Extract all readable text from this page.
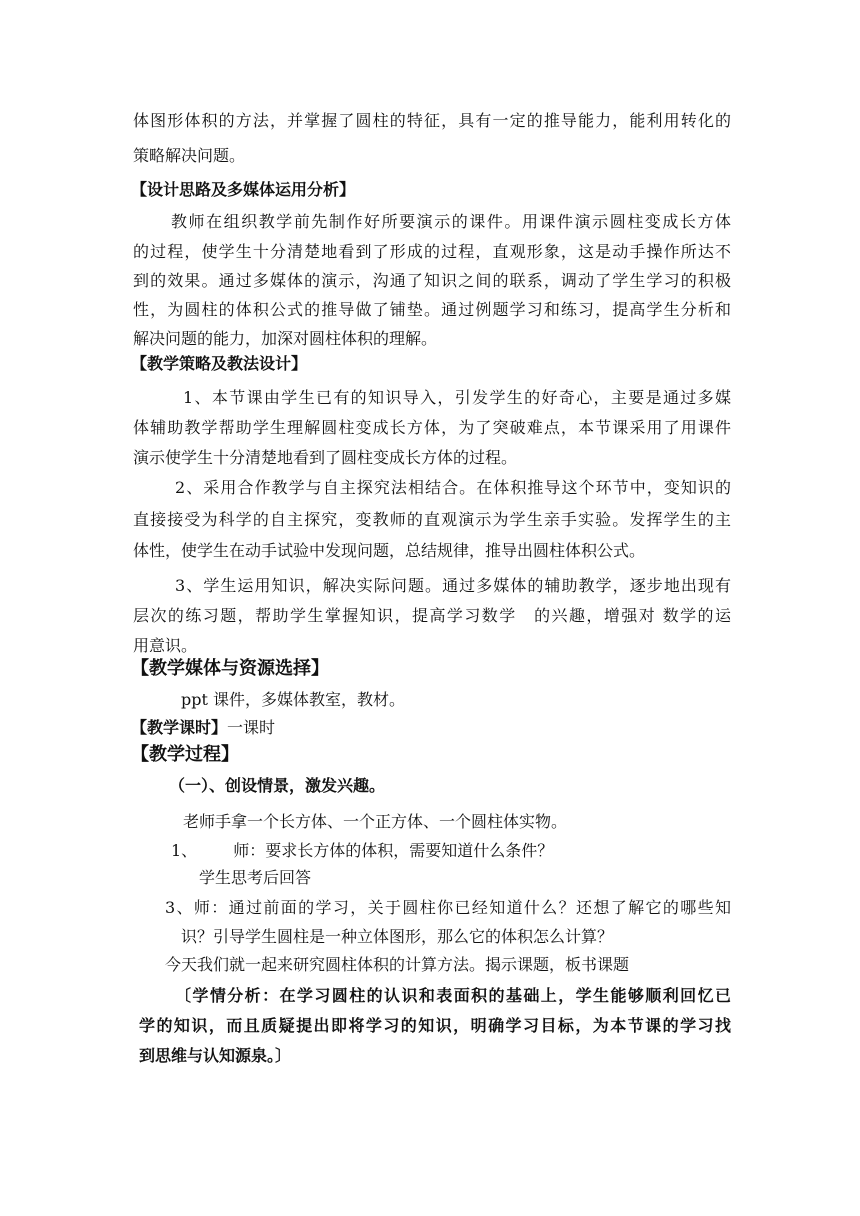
体图形体积的方法，并掌握了圆柱的特征，具有一定的推导能力，能利用转化的
策略解决问题。
【设计思路及多媒体运用分析】
教师在组织教学前先制作好所要演示的课件。用课件演示圆柱变成长方体
的过程，使学生十分清楚地看到了形成的过程，直观形象，这是动手操作所达不
到的效果。通过多媒体的演示，沟通了知识之间的联系，调动了学生学习的积极
性，为圆柱的体积公式的推导做了铺垫。通过例题学习和练习，提高学生分析和
解决问题的能力，加深对圆柱体积的理解。
【教学策略及教法设计】
1、本节课由学生已有的知识导入，引发学生的好奇心，主要是通过多媒
体辅助教学帮助学生理解圆柱变成长方体，为了突破难点，本节课采用了用课件
演示使学生十分清楚地看到了圆柱变成长方体的过程。
2、采用合作教学与自主探究法相结合。在体积推导这个环节中，变知识的
直接接受为科学的自主探究，变教师的直观演示为学生亲手实验。发挥学生的主
体性，使学生在动手试验中发现问题，总结规律，推导出圆柱体积公式。
3、学生运用知识，解决实际问题。通过多媒体的辅助教学，逐步地出现有
层次的练习题，帮助学生掌握知识，提高学习数学　的兴趣，增强对 数学的运
用意识。
【教学媒体与资源选择】
ppt 课件，多媒体教室，教材。
【教学课时】一课时
【教学过程】
（一）、创设情景，激发兴趣。
老师手拿一个长方体、一个正方体、一个圆柱体实物。
1、 师：要求长方体的体积，需要知道什么条件？
学生思考后回答
3、师：通过前面的学习，关于圆柱你已经知道什么？还想了解它的哪些知
识？引导学生圆柱是一种立体图形，那么它的体积怎么计算？
今天我们就一起来研究圆柱体积的计算方法。揭示课题，板书课题
〔学情分析：在学习圆柱的认识和表面积的基础上，学生能够顺利回忆已
学的知识，而且质疑提出即将学习的知识，明确学习目标，为本节课的学习找
到思维与认知源泉。〕
